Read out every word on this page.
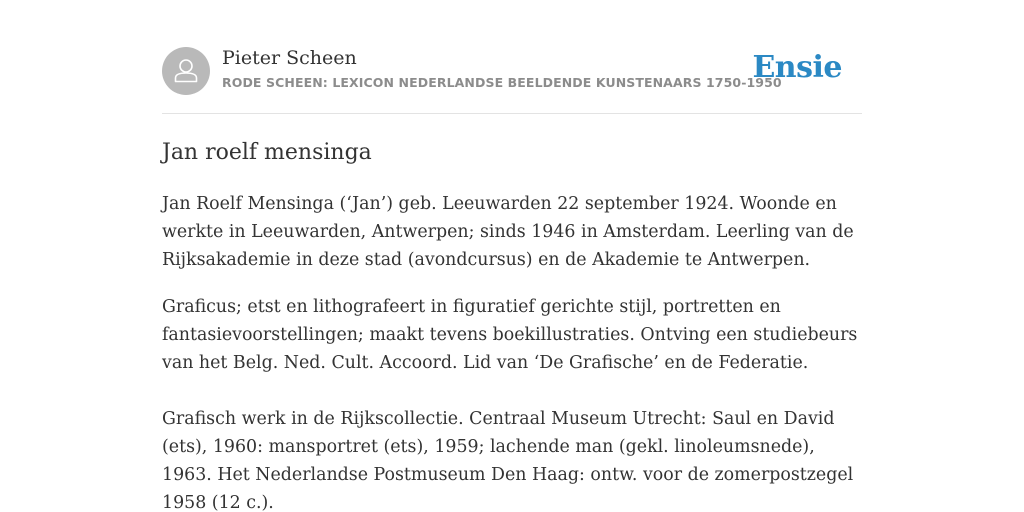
Pieter Scheen
RODE SCHEEN: LEXICON NEDERLANDSE BEELDENDE KUNSTENAARS 1750-1950
Ensie
Jan roelf mensinga

Jan Roelf Mensinga (‘Jan’) geb. Leeuwarden 22 september 1924. Woonde en werkte in Leeuwarden, Antwerpen; sinds 1946 in Amsterdam. Leerling van de Rijksakademie in deze stad (avondcursus) en de Akademie te Antwerpen.

Graficus; etst en lithografeert in figuratief gerichte stijl, portretten en fantasievoorstellingen; maakt tevens boekillustraties. Ontving een studiebeurs van het Belg. Ned. Cult. Accoord. Lid van ‘De Grafische’ en de Federatie.

Grafisch werk in de Rijkscollectie. Centraal Museum Utrecht: Saul en David (ets), 1960: mansportret (ets), 1959; lachende man (gekl. linoleumsnede), 1963. Het Nederlandse Postmuseum Den Haag: ontw. voor de zomerpostzegel 1958 (12 c.).
